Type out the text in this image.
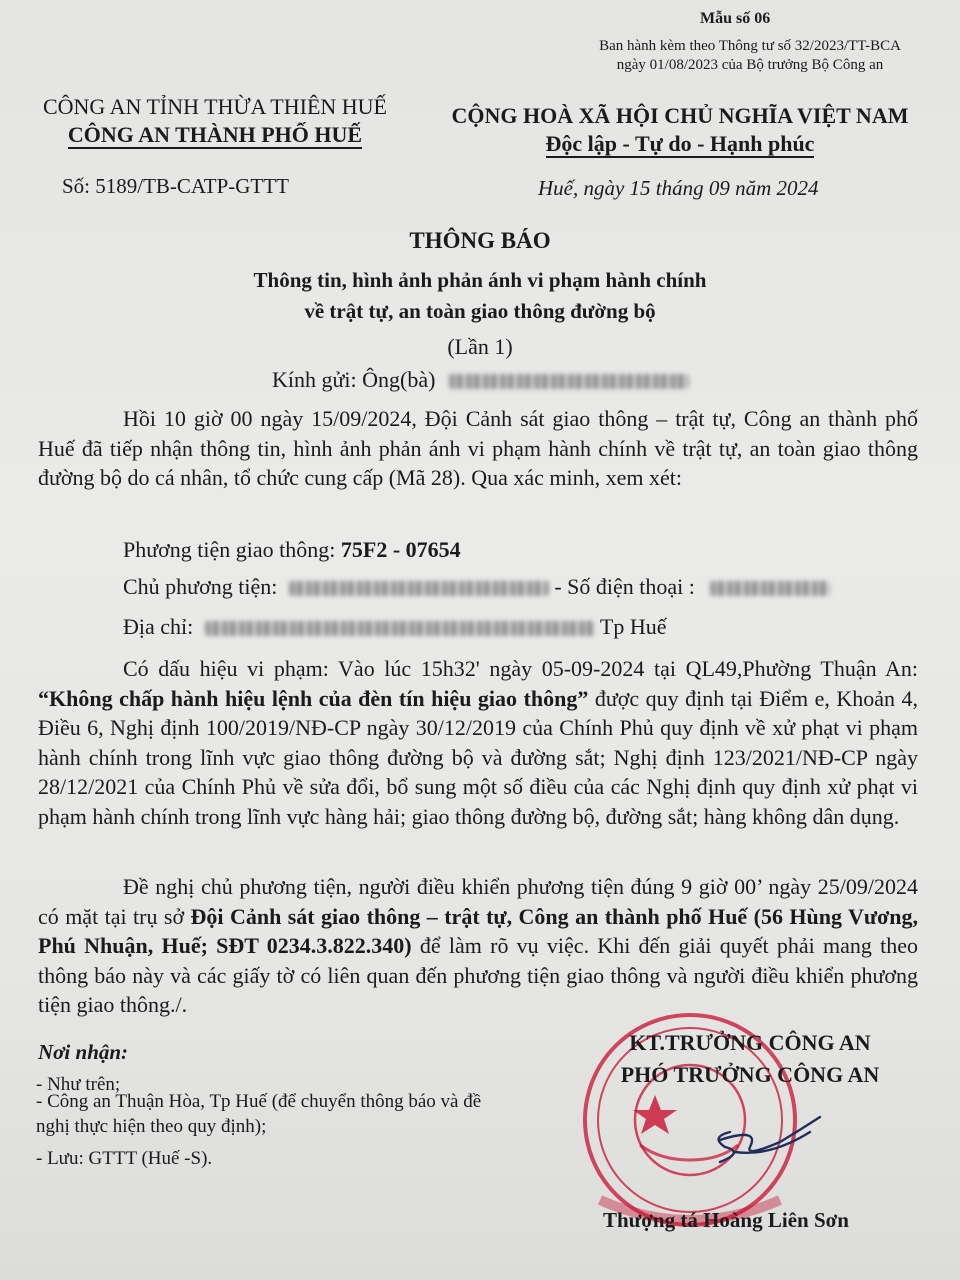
Mẫu số 06
Ban hành kèm theo Thông tư số 32/2023/TT-BCA
ngày 01/08/2023 của Bộ trưởng Bộ Công an
CÔNG AN TỈNH THỪA THIÊN HUẾ
CÔNG AN THÀNH PHỐ HUẾ
CỘNG HOÀ XÃ HỘI CHỦ NGHĨA VIỆT NAM
Độc lập - Tự do - Hạnh phúc
Số: 5189/TB-CATP-GTTT	Huế, ngày 15 tháng 09 năm 2024
THÔNG BÁO
Thông tin, hình ảnh phản ánh vi phạm hành chính
về trật tự, an toàn giao thông đường bộ
(Lần 1)
Kính gửi: Ông(bà)
Hồi 10 giờ 00 ngày 15/09/2024, Đội Cảnh sát giao thông – trật tự, Công an thành phố Huế đã tiếp nhận thông tin, hình ảnh phản ánh vi phạm hành chính về trật tự, an toàn giao thông đường bộ do cá nhân, tổ chức cung cấp (Mã 28). Qua xác minh, xem xét:
Phương tiện giao thông: 75F2 - 07654
Chủ phương tiện:	- Số điện thoại :
Địa chỉ:	Tp Huế
Có dấu hiệu vi phạm: Vào lúc 15h32' ngày 05-09-2024 tại QL49,Phường Thuận An: “Không chấp hành hiệu lệnh của đèn tín hiệu giao thông” được quy định tại Điểm e, Khoản 4, Điều 6, Nghị định 100/2019/NĐ-CP ngày 30/12/2019 của Chính Phủ quy định về xử phạt vi phạm hành chính trong lĩnh vực giao thông đường bộ và đường sắt; Nghị định 123/2021/NĐ-CP ngày 28/12/2021 của Chính Phủ về sửa đổi, bổ sung một số điều của các Nghị định quy định xử phạt vi phạm hành chính trong lĩnh vực hàng hải; giao thông đường bộ, đường sắt; hàng không dân dụng.
Đề nghị chủ phương tiện, người điều khiển phương tiện đúng 9 giờ 00’ ngày 25/09/2024 có mặt tại trụ sở Đội Cảnh sát giao thông – trật tự, Công an thành phố Huế (56 Hùng Vương, Phú Nhuận, Huế; SĐT 0234.3.822.340) để làm rõ vụ việc. Khi đến giải quyết phải mang theo thông báo này và các giấy tờ có liên quan đến phương tiện giao thông và người điều khiển phương tiện giao thông./.
Nơi nhận:
- Như trên;
- Công an Thuận Hòa, Tp Huế (để chuyển thông báo và đề nghị thực hiện theo quy định);
- Lưu: GTTT (Huế -S).
KT.TRƯỞNG CÔNG AN
PHÓ TRƯỞNG CÔNG AN
Thượng tá Hoàng Liên Sơn
